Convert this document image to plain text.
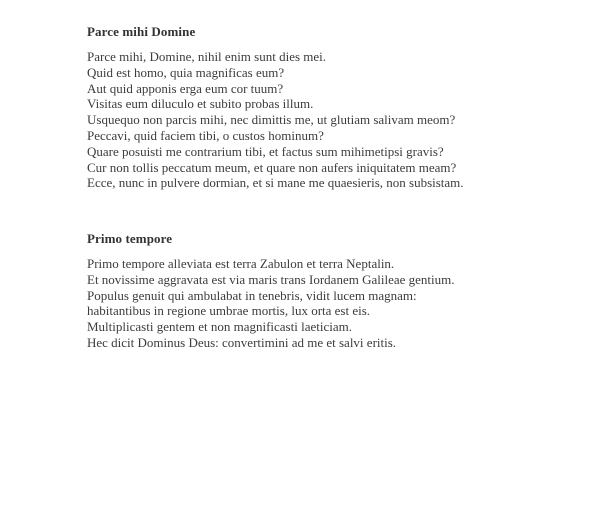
Parce mihi Domine
Parce mihi, Domine, nihil enim sunt dies mei.
Quid est homo, quia magnificas eum?
Aut quid apponis erga eum cor tuum?
Visitas eum diluculo et subito probas illum.
Usquequo non parcis mihi, nec dimittis me, ut glutiam salivam meom?
Peccavi, quid faciem tibi, o custos hominum?
Quare posuisti me contrarium tibi, et factus sum mihimetipsi gravis?
Cur non tollis peccatum meum, et quare non aufers iniquitatem meam?
Ecce, nunc in pulvere dormian, et si mane me quaesieris, non subsistam.
Primo tempore
Primo tempore alleviata est terra Zabulon et terra Neptalin.
Et novissime aggravata est via maris trans Iordanem Galileae gentium.
Populus genuit qui ambulabat in tenebris, vidit lucem magnam:
habitantibus in regione umbrae mortis, lux orta est eis.
Multiplicasti gentem et non magnificasti laeticiam.
Hec dicit Dominus Deus: convertimini ad me et salvi eritis.
